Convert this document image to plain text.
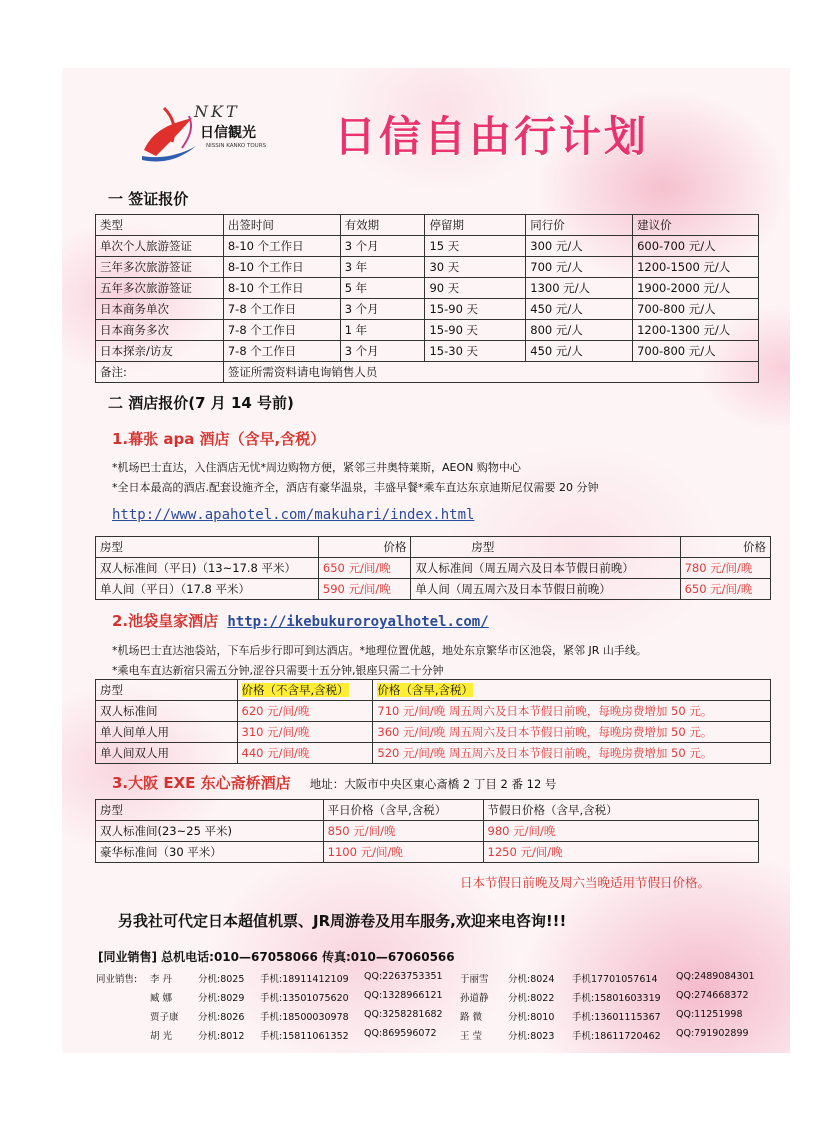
NKT
日信観光
NISSIN KANKO TOURS 日信自由行计划
一 签证报价
类型	出签时间	有效期	停留期	同行价	建议价
单次个人旅游签证	8-10 个工作日	3 个月	15 天	300 元/人	600-700 元/人
三年多次旅游签证	8-10 个工作日	3 年	30 天	700 元/人	1200-1500 元/人
五年多次旅游签证	8-10 个工作日	5 年	90 天	1300 元/人	1900-2000 元/人
日本商务单次	7-8 个工作日	3 个月	15-90 天	450 元/人	700-800 元/人
日本商务多次	7-8 个工作日	1 年	15-90 天	800 元/人	1200-1300 元/人
日本探亲/访友	7-8 个工作日	3 个月	15-30 天	450 元/人	700-800 元/人
备注:	签证所需资料请电询销售人员				
二 酒店报价(7 月 14 号前)
1.幕张 apa 酒店（含早,含税）
*机场巴士直达，入住酒店无忧*周边购物方便，紧邻三井奥特莱斯，AEON 购物中心
*全日本最高的酒店.配套设施齐全，酒店有豪华温泉，丰盛早餐*乘车直达东京迪斯尼仅需要 20 分钟
http://www.apahotel.com/makuhari/index.html
房型	价格	房型	价格
双人标准间（平日)（13~17.8 平米）	650 元/间/晚	双人标准间（周五周六及日本节假日前晚）	780 元/间/晚
单人间（平日）（17.8 平米）	590 元/间/晚	单人间（周五周六及日本节假日前晚）	650 元/间/晚
2.池袋皇家酒店 http://ikebukuroroyalhotel.com/
*机场巴士直达池袋站，下车后步行即可到达酒店。*地理位置优越，地处东京繁华市区池袋，紧邻 JR 山手线。
*乘电车直达新宿只需五分钟,涩谷只需要十五分钟,银座只需二十分钟
房型	价格（不含早,含税）	价格（含早,含税）
双人标准间	620 元/间/晚	710 元/间/晚 周五周六及日本节假日前晚，每晚房费增加 50 元。
单人间单人用	310 元/间/晚	360 元/间/晚 周五周六及日本节假日前晚，每晚房费增加 50 元。
单人间双人用	440 元/间/晚	520 元/间/晚 周五周六及日本节假日前晚，每晚房费增加 50 元。
3.大阪 EXE 东心斋桥酒店 地址：大阪市中央区東心斎橋 2 丁目 2 番 12 号
房型	平日价格（含早,含税）	节假日价格（含早,含税）
双人标准间(23~25 平米)	850 元/间/晚	980 元/间/晚
豪华标准间（30 平米）	1100 元/间/晚	1250 元/间/晚
日本节假日前晚及周六当晚适用节假日价格。
另我社可代定日本超值机票、JR周游卷及用车服务,欢迎来电咨询!!!
[同业销售] 总机电话:010—67058066 传真:010—67060566
同业销售: 李 丹	分机:8025 手机:18911412109 QQ:2263753351 于丽雪 分机:8024 手机17701057614 QQ:2489084301
臧 娜	分机:8029 手机:13501075620 QQ:1328966121 孙道静 分机:8022 手机:15801603319 QQ:274668372
贾子康 分机:8026 手机:18500030978 QQ:3258281682 路 微	分机:8010 手机:13601115367 QQ:11251998
胡 光	分机:8012 手机:15811061352 QQ:869596072 王 莹	分机:8023 手机:18611720462 QQ:791902899
